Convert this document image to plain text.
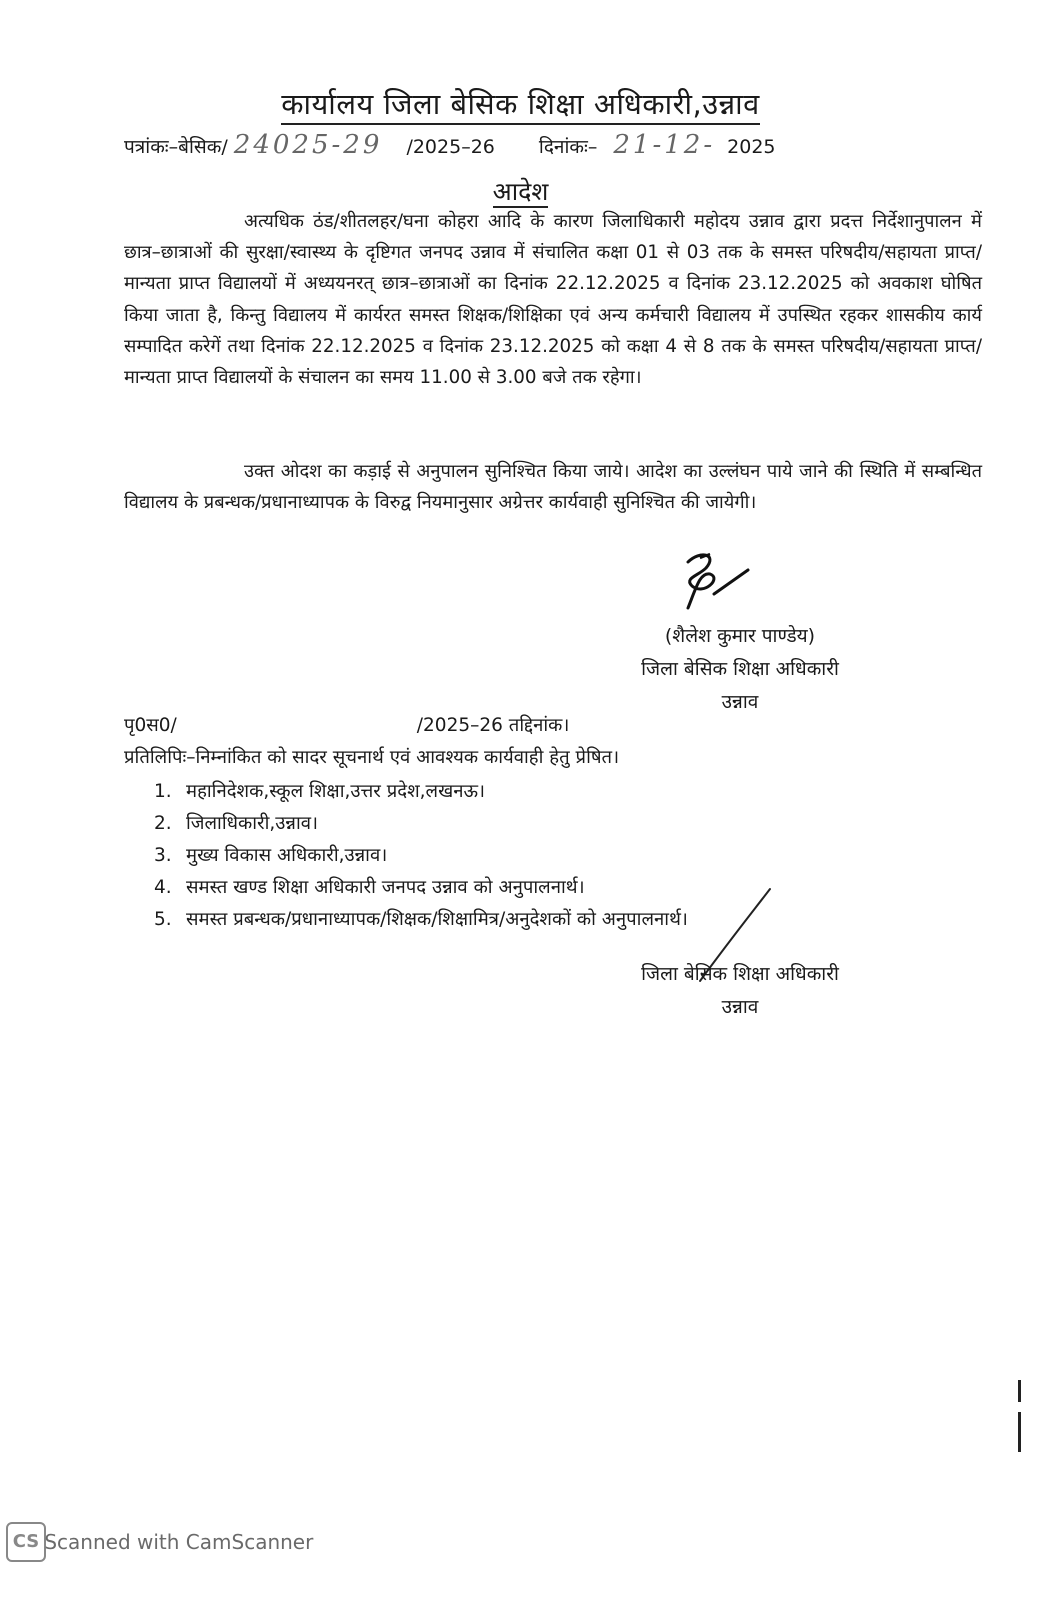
कार्यालय जिला बेसिक शिक्षा अधिकारी,उन्नाव
पत्रांकः–बेसिक/ 24025-29 /2025–26 दिनांकः– 21-12- 2025
आदेश

अत्यधिक ठंड/शीतलहर/घना कोहरा आदि के कारण जिलाधिकारी महोदय उन्नाव द्वारा प्रदत्त निर्देशानुपालन में छात्र–छात्राओं की सुरक्षा/स्वास्थ्य के दृष्टिगत जनपद उन्नाव में संचालित कक्षा 01 से 03 तक के समस्त परिषदीय/सहायता प्राप्त/ मान्यता प्राप्त विद्यालयों में अध्ययनरत् छात्र–छात्राओं का दिनांक 22.12.2025 व दिनांक 23.12.2025 को अवकाश घोषित किया जाता है, किन्तु विद्यालय में कार्यरत समस्त शिक्षक/शिक्षिका एवं अन्य कर्मचारी विद्यालय में उपस्थित रहकर शासकीय कार्य सम्पादित करेगें तथा दिनांक 22.12.2025 व दिनांक 23.12.2025 को कक्षा 4 से 8 तक के समस्त परिषदीय/सहायता प्राप्त/मान्यता प्राप्त विद्यालयों के संचालन का समय 11.00 से 3.00 बजे तक रहेगा।

उक्त ओदश का कड़ाई से अनुपालन सुनिश्चित किया जाये। आदेश का उल्लंघन पाये जाने की स्थिति में सम्बन्धित विद्यालय के प्रबन्धक/प्रधानाध्यापक के विरुद्व नियमानुसार अग्रेत्तर कार्यवाही सुनिश्चित की जायेगी।

(शैलेश कुमार पाण्डेय)
जिला बेसिक शिक्षा अधिकारी
उन्नाव
पृ0स0/	/2025–26 तद्दिनांक।
प्रतिलिपिः–निम्नांकित को सादर सूचनार्थ एवं आवश्यक कार्यवाही हेतु प्रेषित।
1. महानिदेशक,स्कूल शिक्षा,उत्तर प्रदेश,लखनऊ।
2. जिलाधिकारी,उन्नाव।
3. मुख्य विकास अधिकारी,उन्नाव।
4. समस्त खण्ड शिक्षा अधिकारी जनपद उन्नाव को अनुपालनार्थ।
5. समस्त प्रबन्धक/प्रधानाध्यापक/शिक्षक/शिक्षामित्र/अनुदेशकों को अनुपालनार्थ।
जिला बेसिक शिक्षा अधिकारी
उन्नाव
CS Scanned with CamScanner
